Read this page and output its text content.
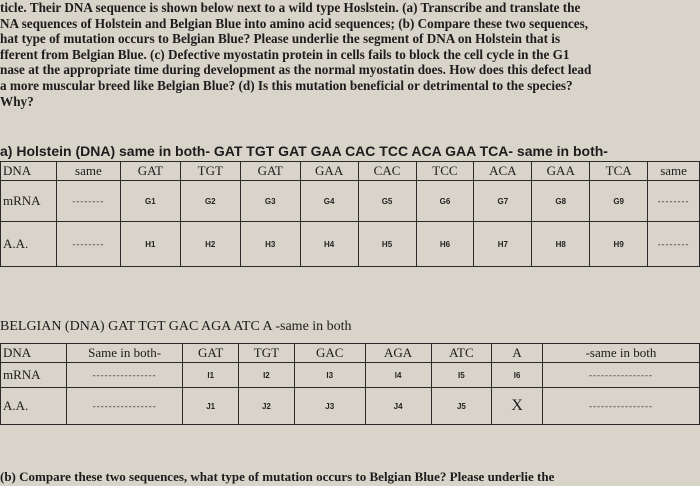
ticle. Their DNA sequence is shown below next to a wild type Hoslstein. (a) Transcribe and translate the
NA sequences of Holstein and Belgian Blue into amino acid sequences; (b) Compare these two sequences,
hat type of mutation occurs to Belgian Blue? Please underlie the segment of DNA on Holstein that is
fferent from Belgian Blue. (c) Defective myostatin protein in cells fails to block the cell cycle in the G1
nase at the appropriate time during development as the normal myostatin does. How does this defect lead
a more muscular breed like Belgian Blue? (d) Is this mutation beneficial or detrimental to the species?
Why?
a) Holstein (DNA) same in both- GAT TGT GAT GAA CAC TCC ACA GAA TCA- same in both-
DNA	same	GAT	TGT	GAT	GAA	CAC	TCC	ACA	GAA	TCA	same
mRNA	--------	G1	G2	G3	G4	G5	G6	G7	G8	G9	--------
A.A.	--------	H1	H2	H3	H4	H5	H6	H7	H8	H9	--------
BELGIAN (DNA) GAT TGT GAC AGA ATC A -same in both
DNA	Same in both-	GAT	TGT	GAC	AGA	ATC	A	-same in both
mRNA	----------------	I1	I2	I3	I4	I5	I6	----------------
A.A.	----------------	J1	J2	J3	J4	J5	X	----------------
(b) Compare these two sequences, what type of mutation occurs to Belgian Blue? Please underlie the
